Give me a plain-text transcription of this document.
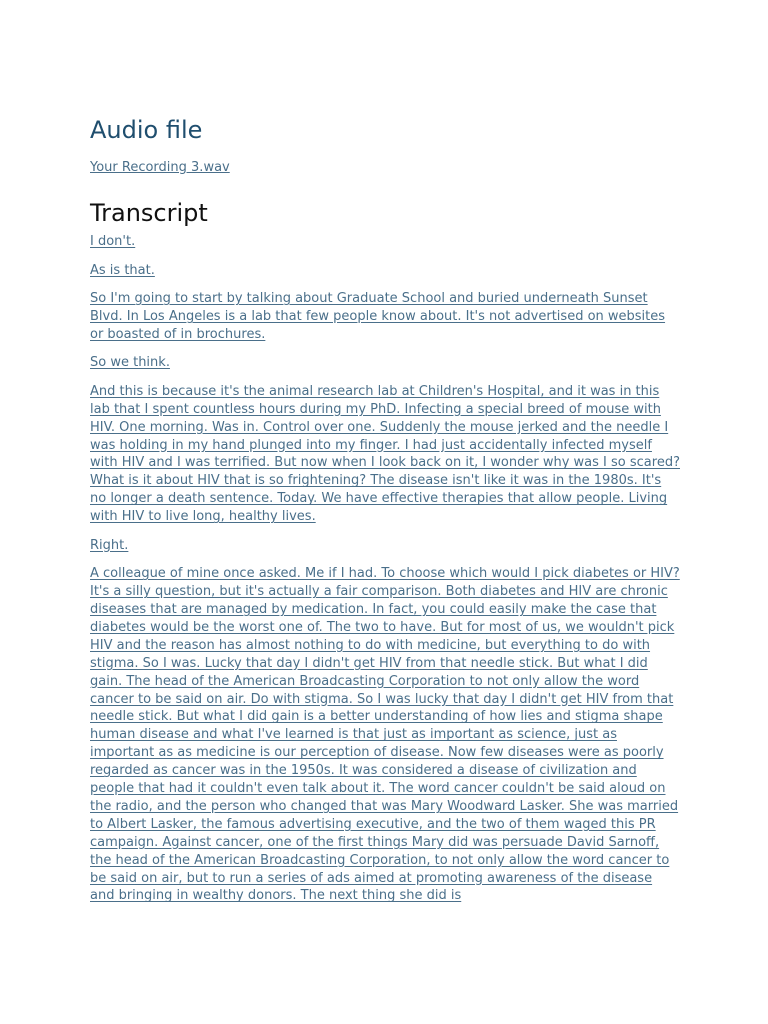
Audio file
Your Recording 3.wav
Transcript

I don't.

As is that.

So I'm going to start by talking about Graduate School and buried underneath Sunset Blvd. In Los Angeles is a lab that few people know about. It's not advertised on websites or boasted of in brochures.

So we think.

And this is because it's the animal research lab at Children's Hospital, and it was in this lab that I spent countless hours during my PhD. Infecting a special breed of mouse with HIV. One morning. Was in. Control over one. Suddenly the mouse jerked and the needle I was holding in my hand plunged into my finger. I had just accidentally infected myself with HIV and I was terrified. But now when I look back on it, I wonder why was I so scared? What is it about HIV that is so frightening? The disease isn't like it was in the 1980s. It's no longer a death sentence. Today. We have effective therapies that allow people. Living with HIV to live long, healthy lives.

Right.

A colleague of mine once asked. Me if I had. To choose which would I pick diabetes or HIV? It's a silly question, but it's actually a fair comparison. Both diabetes and HIV are chronic diseases that are managed by medication. In fact, you could easily make the case that diabetes would be the worst one of. The two to have. But for most of us, we wouldn't pick HIV and the reason has almost nothing to do with medicine, but everything to do with stigma. So I was. Lucky that day I didn't get HIV from that needle stick. But what I did gain. The head of the American Broadcasting Corporation to not only allow the word cancer to be said on air. Do with stigma. So I was lucky that day I didn't get HIV from that needle stick. But what I did gain is a better understanding of how lies and stigma shape human disease and what I've learned is that just as important as science, just as important as as medicine is our perception of disease. Now few diseases were as poorly regarded as cancer was in the 1950s. It was considered a disease of civilization and people that had it couldn't even talk about it. The word cancer couldn't be said aloud on the radio, and the person who changed that was Mary Woodward Lasker. She was married to Albert Lasker, the famous advertising executive, and the two of them waged this PR campaign. Against cancer, one of the first things Mary did was persuade David Sarnoff, the head of the American Broadcasting Corporation, to not only allow the word cancer to be said on air, but to run a series of ads aimed at promoting awareness of the disease and bringing in wealthy donors. The next thing she did is
